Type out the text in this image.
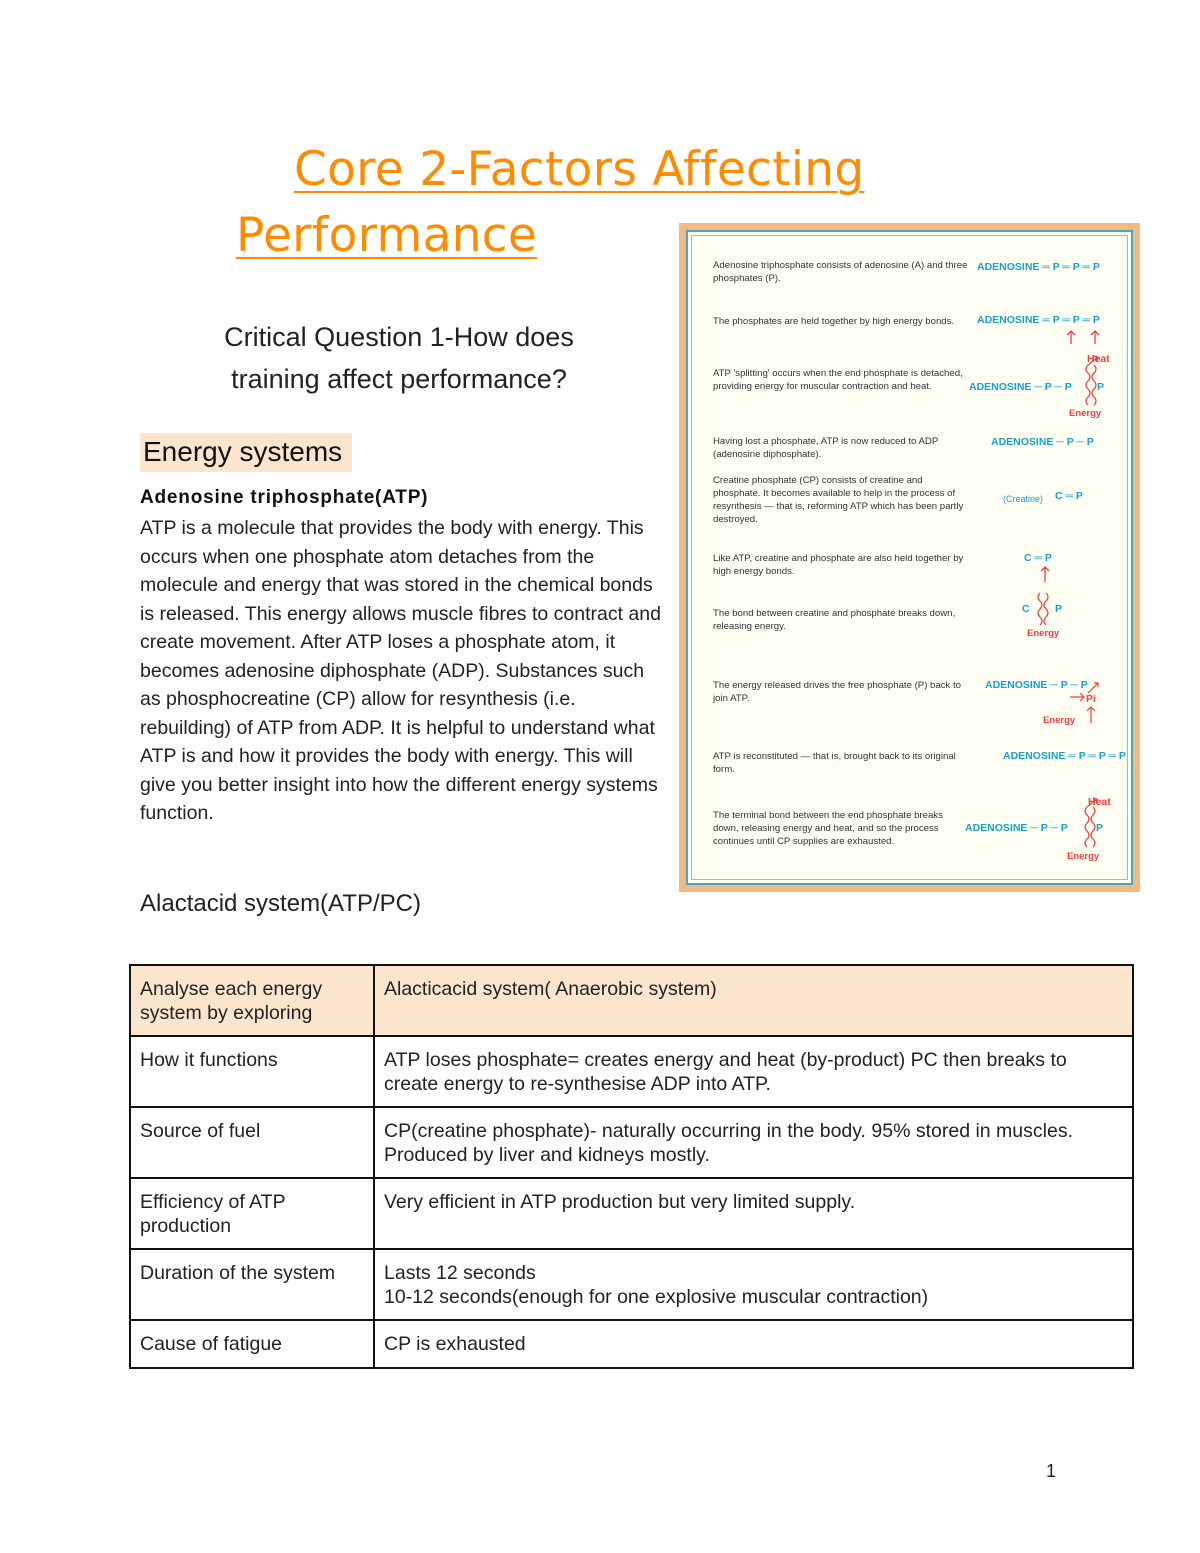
Core 2-Factors Affecting
Performance
Critical Question 1-How does
training affect performance?
Energy systems
Adenosine triphosphate(ATP)
ATP is a molecule that provides the body with energy. This occurs when one phosphate atom detaches from the molecule and energy that was stored in the chemical bonds is released. This energy allows muscle fibres to contract and create movement. After ATP loses a phosphate atom, it becomes adenosine diphosphate (ADP). Substances such as phosphocreatine (CP) allow for resynthesis (i.e. rebuilding) of ATP from ADP. It is helpful to understand what ATP is and how it provides the body with energy. This will give you better insight into how the different energy systems function.
Alactacid system(ATP/PC)
Adenosine triphosphate consists of adenosine (A) and three phosphates (P).
ADENOSINE ═ P ═ P ═ P
The phosphates are held together by high energy bonds.	ADENOSINE ═ P ═ P ═ P
ATP 'splitting' occurs when the end phosphate is detached, providing energy for muscular contraction and heat.	ADENOSINE ─ P ─ P P
Heat
Energy
Having lost a phosphate, ATP is now reduced to ADP (adenosine diphosphate).
ADENOSINE ─ P ─ P
Creatine phosphate (CP) consists of creatine and phosphate. It becomes available to help in the process of resynthesis — that is, reforming ATP which has been partly destroyed.
(Creatine) C ═ P
Like ATP, creatine and phosphate are also held together by high energy bonds.
C ═ P
The bond between creatine and phosphate breaks down, releasing energy.
C P
Energy
The energy released drives the free phosphate (P) back to join ATP.
ADENOSINE ─ P ─ P
Pi
Energy
ATP is reconstituted — that is, brought back to its original form.
ADENOSINE ═ P ═ P ═ P
The terminal bond between the end phosphate breaks down, releasing energy and heat, and so the process continues until CP supplies are exhausted.
ADENOSINE ─ P ─ P	P
Heat
Energy
Analyse each energy system by exploring	Alacticacid system( Anaerobic system)
How it functions	ATP loses phosphate= creates energy and heat (by-product) PC then breaks to create energy to re-synthesise ADP into ATP.
Source of fuel	CP(creatine phosphate)- naturally occurring in the body. 95% stored in muscles. Produced by liver and kidneys mostly.
Efficiency of ATP production	Very efficient in ATP production but very limited supply.
Duration of the system	Lasts 12 seconds
10-12 seconds(enough for one explosive muscular contraction)

Cause of fatigue	CP is exhausted
1
